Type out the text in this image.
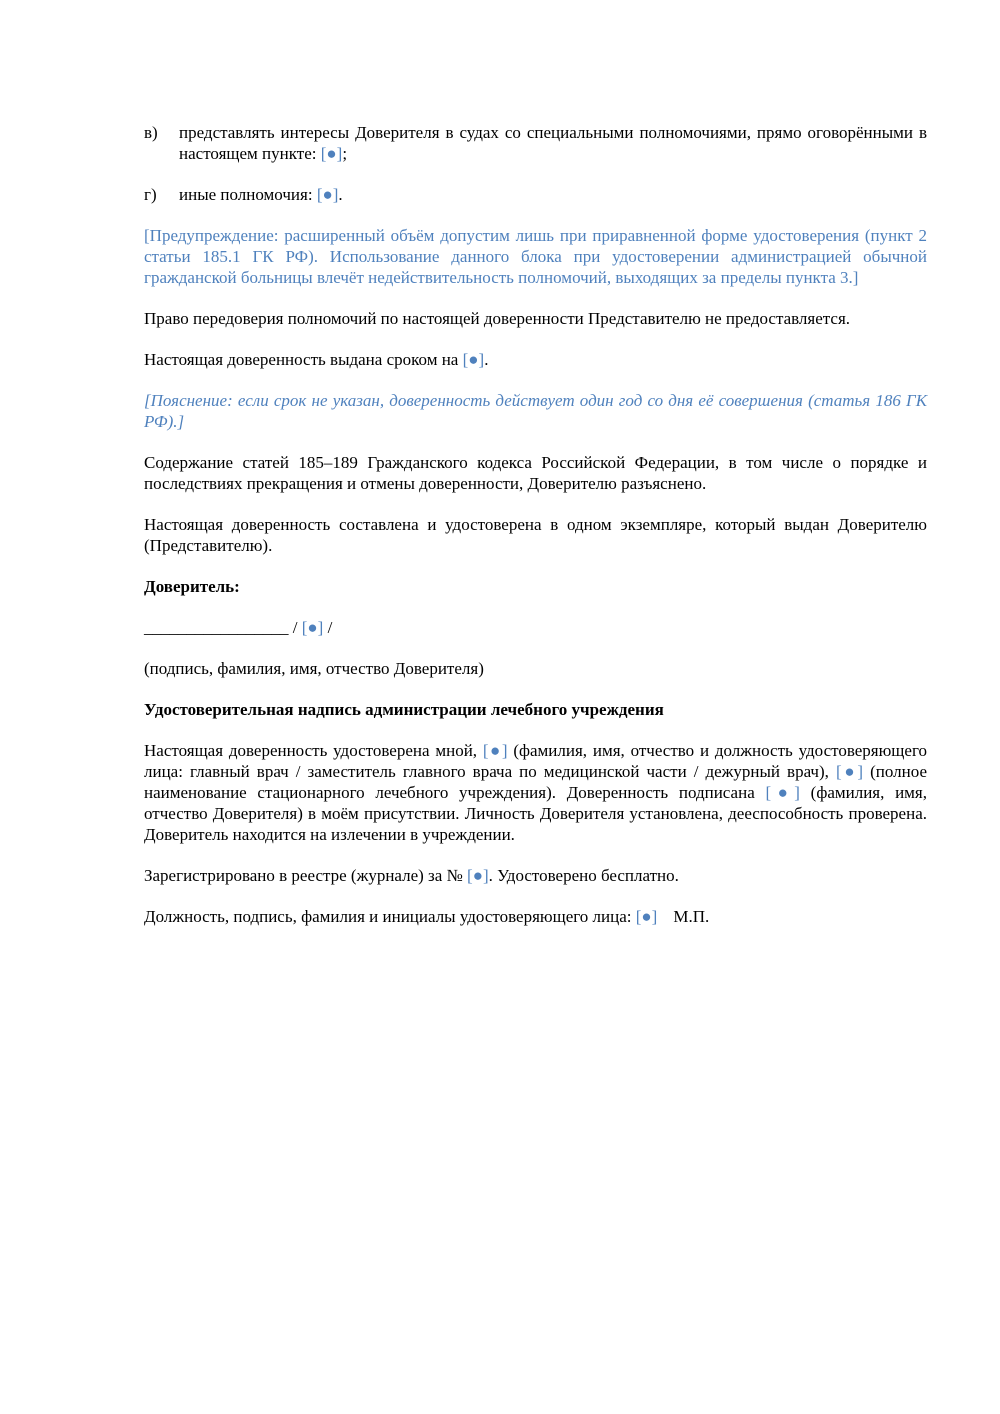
в)	представлять интересы Доверителя в судах со специальными полномочиями, прямо оговорёнными в настоящем пункте: [●];
г)	иные полномочия: [●].

[Предупреждение: расширенный объём допустим лишь при приравненной форме удостоверения (пункт 2 статьи 185.1 ГК РФ). Использование данного блока при удостоверении администрацией обычной гражданской больницы влечёт недействительность полномочий, выходящих за пределы пункта 3.]

Право передоверия полномочий по настоящей доверенности Представителю не предоставляется.

Настоящая доверенность выдана сроком на [●].

[Пояснение: если срок не указан, доверенность действует один год со дня её совершения (статья 186 ГК РФ).]

Содержание статей 185–189 Гражданского кодекса Российской Федерации, в том числе о порядке и последствиях прекращения и отмены доверенности, Доверителю разъяснено.

Настоящая доверенность составлена и удостоверена в одном экземпляре, который выдан Доверителю (Представителю).

Доверитель:

_________________ / [●] /

(подпись, фамилия, имя, отчество Доверителя)

Удостоверительная надпись администрации лечебного учреждения

Настоящая доверенность удостоверена мной, [●] (фамилия, имя, отчество и должность удостоверяющего лица: главный врач / заместитель главного врача по медицинской части / дежурный врач), [●] (полное наименование стационарного лечебного учреждения). Доверенность подписана [●] (фамилия, имя, отчество Доверителя) в моём присутствии. Личность Доверителя установлена, дееспособность проверена. Доверитель находится на излечении в учреждении.

Зарегистрировано в реестре (журнале) за № [●]. Удостоверено бесплатно.

Должность, подпись, фамилия и инициалы удостоверяющего лица: [●] М.П.
